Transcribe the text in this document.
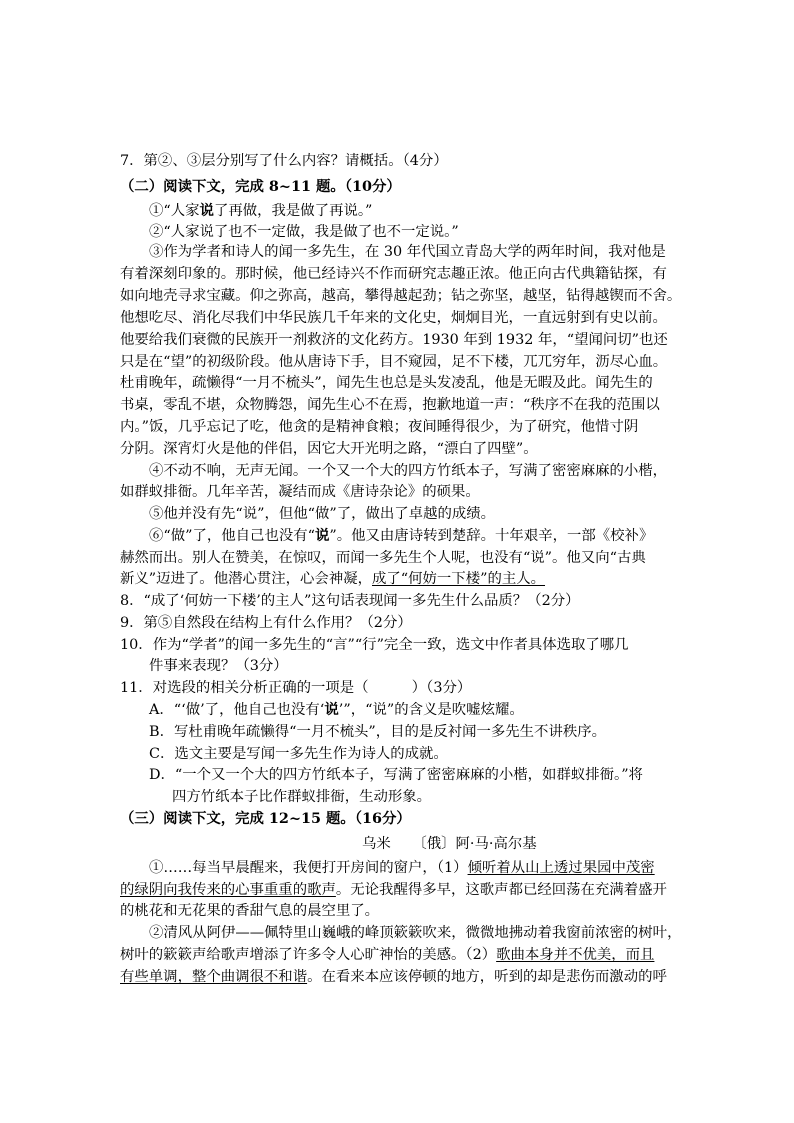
7．第②、③层分别写了什么内容？请概括。（4分）
（二）阅读下文，完成 8~11 题。（10分）
①“人家说了再做，我是做了再说。”
②“人家说了也不一定做，我是做了也不一定说。”
③作为学者和诗人的闻一多先生，在 30 年代国立青岛大学的两年时间，我对他是
有着深刻印象的。那时候，他已经诗兴不作而研究志趣正浓。他正向古代典籍钻探，有
如向地壳寻求宝藏。仰之弥高，越高，攀得越起劲；钻之弥坚，越坚，钻得越锲而不舍。
他想吃尽、消化尽我们中华民族几千年来的文化史，炯炯目光，一直远射到有史以前。
他要给我们衰微的民族开一剂救济的文化药方。1930 年到 1932 年，“望闻问切”也还
只是在“望”的初级阶段。他从唐诗下手，目不窥园，足不下楼，兀兀穷年，沥尽心血。
杜甫晚年，疏懒得“一月不梳头”，闻先生也总是头发凌乱，他是无暇及此。闻先生的
书桌，零乱不堪，众物腾怨，闻先生心不在焉，抱歉地道一声：“秩序不在我的范围以
内。”饭，几乎忘记了吃，他贪的是精神食粮；夜间睡得很少，为了研究，他惜寸阴
分阴。深宵灯火是他的伴侣，因它大开光明之路，“漂白了四壁”。
④不动不响，无声无闻。一个又一个大的四方竹纸本子，写满了密密麻麻的小楷，
如群蚁排衙。几年辛苦，凝结而成《唐诗杂论》的硕果。
⑤他并没有先“说”，但他“做”了，做出了卓越的成绩。
⑥“做”了，他自己也没有“说”。他又由唐诗转到楚辞。十年艰辛，一部《校补》
赫然而出。别人在赞美，在惊叹，而闻一多先生个人呢，也没有“说”。他又向“古典
新义”迈进了。他潜心贯注，心会神凝，成了“何妨一下楼”的主人。
8．“成了‘何妨一下楼’的主人”这句话表现闻一多先生什么品质？（2分）
9．第⑤自然段在结构上有什么作用？（2分）
10．作为“学者”的闻一多先生的“言”“行”完全一致，选文中作者具体选取了哪几
件事来表现？（3分）
11．对选段的相关分析正确的一项是（　　　）（3分）
A．“‘做’了，他自己也没有‘说’”，“说”的含义是吹嘘炫耀。
B．写杜甫晚年疏懒得“一月不梳头”，目的是反衬闻一多先生不讲秩序。
C．选文主要是写闻一多先生作为诗人的成就。
D．“一个又一个大的四方竹纸本子，写满了密密麻麻的小楷，如群蚁排衙。”将
四方竹纸本子比作群蚁排衙，生动形象。
（三）阅读下文，完成 12~15 题。（16分）
乌米　　〔俄〕阿·马·高尔基
①……每当早晨醒来，我便打开房间的窗户，（1）倾听着从山上透过果园中茂密
的绿阴向我传来的心事重重的歌声。无论我醒得多早，这歌声都已经回荡在充满着盛开
的桃花和无花果的香甜气息的晨空里了。
②清风从阿伊——佩特里山巍峨的峰顶簌簌吹来，微微地拂动着我窗前浓密的树叶，
树叶的簌簌声给歌声增添了许多令人心旷神怡的美感。（2）歌曲本身并不优美，而且
有些单调，整个曲调很不和谐。在看来本应该停顿的地方，听到的却是悲伤而激动的呼
